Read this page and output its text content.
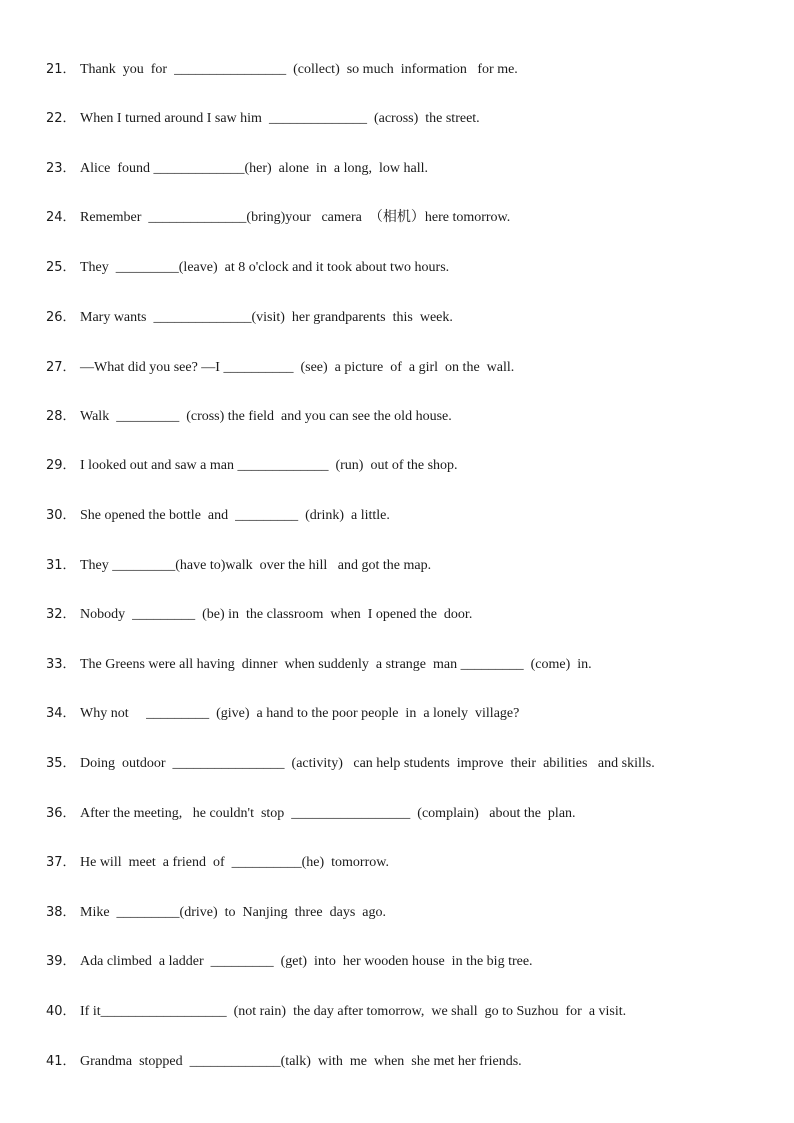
21． Thank  you  for  ________________  (collect)  so much  information   for me.
22． When I turned around I saw him  ______________  (across)  the street.
23． Alice  found _____________(her)  alone  in  a long,  low hall.
24． Remember  ______________(bring)your   camera  （相机）here tomorrow.
25． They  _________(leave)  at 8 o'clock and it took about two hours.
26． Mary wants  ______________(visit)  her grandparents  this  week.
27． —What did you see? —I __________  (see)  a picture  of  a girl  on the  wall.
28． Walk  _________  (cross) the field  and you can see the old house.
29． I looked out and saw a man _____________  (run)  out of the shop.
30． She opened the bottle  and  _________  (drink)  a little.
31． They _________(have to)walk  over the hill   and got the map.
32． Nobody  _________  (be) in  the classroom  when  I opened the  door.
33． The Greens were all having  dinner  when suddenly  a strange  man _________  (come)  in.
34． Why not     _________  (give)  a hand to the poor people  in  a lonely  village?
35． Doing  outdoor  ________________  (activity)   can help students  improve  their  abilities   and skills.
36． After the meeting,   he couldn't  stop  _________________  (complain)   about the  plan.
37． He will  meet  a friend  of  __________(he)  tomorrow.
38． Mike  _________(drive)  to  Nanjing  three  days  ago.
39． Ada climbed  a ladder  _________  (get)  into  her wooden house  in the big tree.
40． If it__________________  (not rain)  the day after tomorrow,  we shall  go to Suzhou  for  a visit.
41． Grandma  stopped  _____________(talk)  with  me  when  she met her friends.
